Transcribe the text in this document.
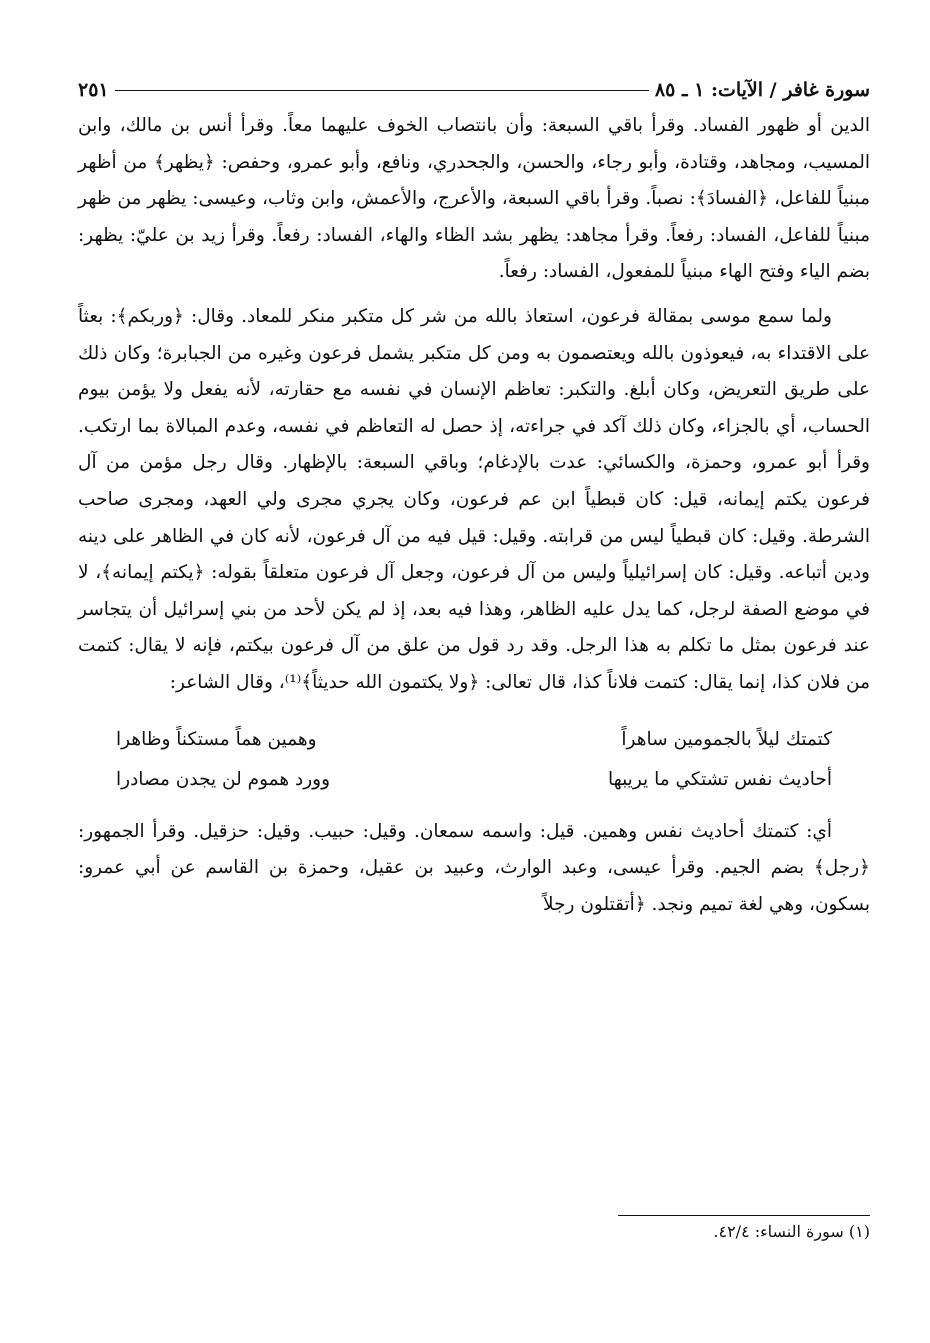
سورة غافر / الآيات: ١ ـ ٨٥
٢٥١

الدين أو ظهور الفساد. وقرأ باقي السبعة: وأن بانتصاب الخوف عليهما معاً. وقرأ أنس بن مالك، وابن المسيب، ومجاهد، وقتادة، وأبو رجاء، والحسن، والجحدري، ونافع، وأبو عمرو، وحفص: ﴿يظهر﴾ من أظهر مبنياً للفاعل، ﴿الفسادَ﴾: نصباً. وقرأ باقي السبعة، والأعرج، والأعمش، وابن وثاب، وعيسى: يظهر من ظهر مبنياً للفاعل، الفساد: رفعاً. وقرأ مجاهد: يظهر بشد الظاء والهاء، الفساد: رفعاً. وقرأ زيد بن عليّ: يظهر: بضم الياء وفتح الهاء مبنياً للمفعول، الفساد: رفعاً.

ولما سمع موسى بمقالة فرعون، استعاذ بالله من شر كل متكبر منكر للمعاد. وقال: ﴿وربكم﴾: بعثاً على الاقتداء به، فيعوذون بالله ويعتصمون به ومن كل متكبر يشمل فرعون وغيره من الجبابرة؛ وكان ذلك على طريق التعريض، وكان أبلغ. والتكبر: تعاظم الإنسان في نفسه مع حقارته، لأنه يفعل ولا يؤمن بيوم الحساب، أي بالجزاء، وكان ذلك آكد في جراءته، إذ حصل له التعاظم في نفسه، وعدم المبالاة بما ارتكب. وقرأ أبو عمرو، وحمزة، والكسائي: عدت بالإدغام؛ وباقي السبعة: بالإظهار. وقال رجل مؤمن من آل فرعون يكتم إيمانه، قيل: كان قبطياً ابن عم فرعون، وكان يجري مجرى ولي العهد، ومجرى صاحب الشرطة. وقيل: كان قبطياً ليس من قرابته. وقيل: قيل فيه من آل فرعون، لأنه كان في الظاهر على دينه ودين أتباعه. وقيل: كان إسرائيلياً وليس من آل فرعون، وجعل آل فرعون متعلقاً بقوله: ﴿يكتم إيمانه﴾، لا في موضع الصفة لرجل، كما يدل عليه الظاهر، وهذا فيه بعد، إذ لم يكن لأحد من بني إسرائيل أن يتجاسر عند فرعون بمثل ما تكلم به هذا الرجل. وقد رد قول من علق من آل فرعون بيكتم، فإنه لا يقال: كتمت من فلان كذا، إنما يقال: كتمت فلاناً كذا، قال تعالى: ﴿ولا يكتمون الله حديثاً﴾⁽¹⁾، وقال الشاعر:

كتمتك ليلاً بالجمومين ساهراً
وهمين هماً مستكناً وظاهرا
أحاديث نفس تشتكي ما يريبها
وورد هموم لن يجدن مصادرا

أي: كتمتك أحاديث نفس وهمين. قيل: واسمه سمعان. وقيل: حبيب. وقيل: حزقيل. وقرأ الجمهور: ﴿رجل﴾ بضم الجيم. وقرأ عيسى، وعبد الوارث، وعبيد بن عقيل، وحمزة بن القاسم عن أبي عمرو: بسكون، وهي لغة تميم ونجد. ﴿أتقتلون رجلاً

(١) سورة النساء: ٤٢/٤.
